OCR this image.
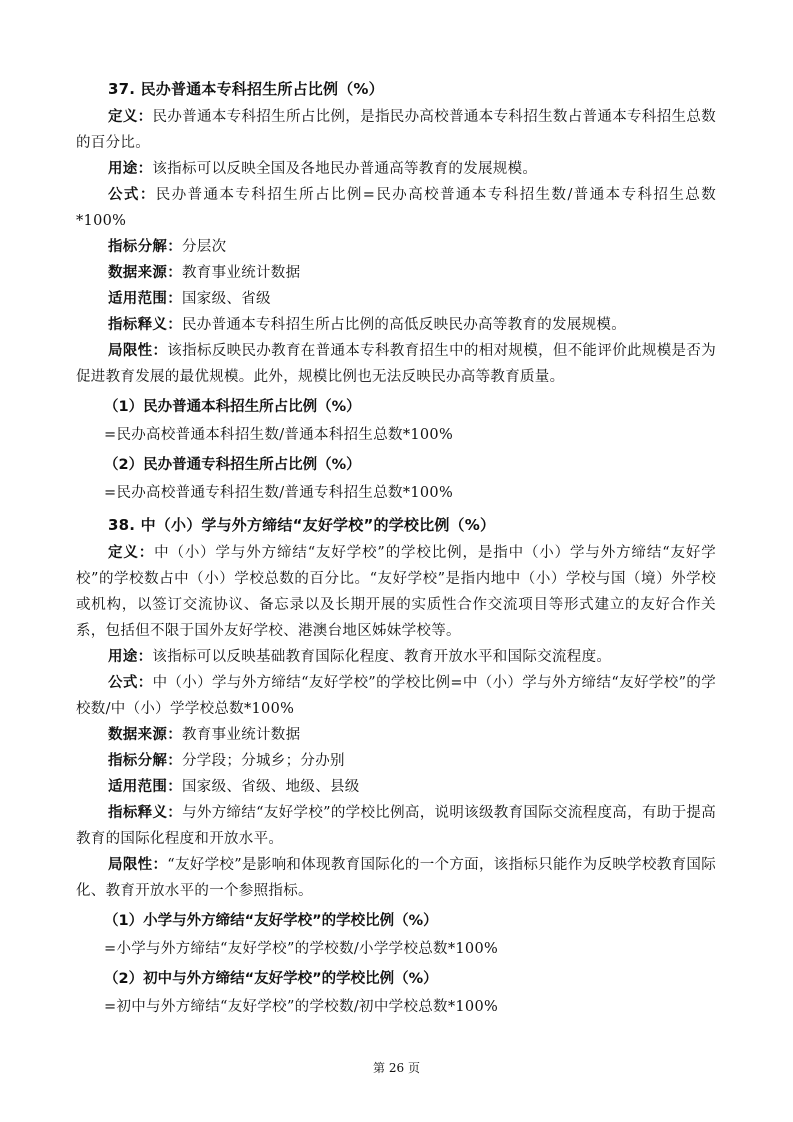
37. 民办普通本专科招生所占比例（%）

定义：民办普通本专科招生所占比例，是指民办高校普通本专科招生数占普通本专科招生总数的百分比。

用途：该指标可以反映全国及各地民办普通高等教育的发展规模。

公式：民办普通本专科招生所占比例=民办高校普通本专科招生数/普通本专科招生总数*100%

指标分解：分层次

数据来源：教育事业统计数据

适用范围：国家级、省级

指标释义：民办普通本专科招生所占比例的高低反映民办高等教育的发展规模。

局限性：该指标反映民办教育在普通本专科教育招生中的相对规模，但不能评价此规模是否为促进教育发展的最优规模。此外，规模比例也无法反映民办高等教育质量。

（1）民办普通本科招生所占比例（%）
=民办高校普通本科招生数/普通本科招生总数*100%
（2）民办普通专科招生所占比例（%）
=民办高校普通专科招生数/普通专科招生总数*100%
38. 中（小）学与外方缔结“友好学校”的学校比例（%）

定义：中（小）学与外方缔结“友好学校”的学校比例，是指中（小）学与外方缔结“友好学校”的学校数占中（小）学校总数的百分比。“友好学校”是指内地中（小）学校与国（境）外学校或机构，以签订交流协议、备忘录以及长期开展的实质性合作交流项目等形式建立的友好合作关系，包括但不限于国外友好学校、港澳台地区姊妹学校等。

用途：该指标可以反映基础教育国际化程度、教育开放水平和国际交流程度。

公式：中（小）学与外方缔结“友好学校”的学校比例=中（小）学与外方缔结“友好学校”的学校数/中（小）学学校总数*100%

数据来源：教育事业统计数据

指标分解：分学段；分城乡；分办别

适用范围：国家级、省级、地级、县级

指标释义：与外方缔结“友好学校”的学校比例高，说明该级教育国际交流程度高，有助于提高教育的国际化程度和开放水平。

局限性：“友好学校”是影响和体现教育国际化的一个方面，该指标只能作为反映学校教育国际化、教育开放水平的一个参照指标。

（1）小学与外方缔结“友好学校”的学校比例（%）
=小学与外方缔结“友好学校”的学校数/小学学校总数*100%
（2）初中与外方缔结“友好学校”的学校比例（%）
=初中与外方缔结“友好学校”的学校数/初中学校总数*100%
第 26 页
